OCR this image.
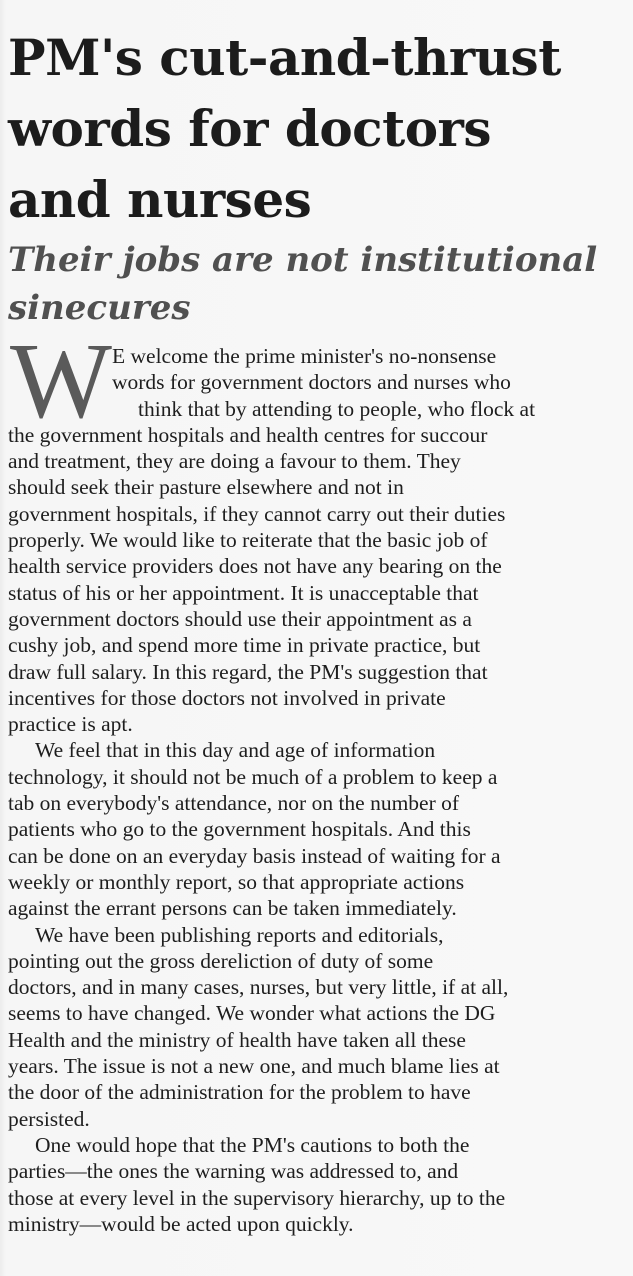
PM's cut-and-thrust
words for doctors
and nurses
Their jobs are not institutional
sinecures
W E welcome the prime minister's no-nonsense
words for government doctors and nurses who
think that by attending to people, who flock at
the government hospitals and health centres for succour
and treatment, they are doing a favour to them. They
should seek their pasture elsewhere and not in
government hospitals, if they cannot carry out their duties
properly. We would like to reiterate that the basic job of
health service providers does not have any bearing on the
status of his or her appointment. It is unacceptable that
government doctors should use their appointment as a
cushy job, and spend more time in private practice, but
draw full salary. In this regard, the PM's suggestion that
incentives for those doctors not involved in private
practice is apt.
We feel that in this day and age of information
technology, it should not be much of a problem to keep a
tab on everybody's attendance, nor on the number of
patients who go to the government hospitals. And this
can be done on an everyday basis instead of waiting for a
weekly or monthly report, so that appropriate actions
against the errant persons can be taken immediately.
We have been publishing reports and editorials,
pointing out the gross dereliction of duty of some
doctors, and in many cases, nurses, but very little, if at all,
seems to have changed. We wonder what actions the DG
Health and the ministry of health have taken all these
years. The issue is not a new one, and much blame lies at
the door of the administration for the problem to have
persisted.
One would hope that the PM's cautions to both the
parties—the ones the warning was addressed to, and
those at every level in the supervisory hierarchy, up to the
ministry—would be acted upon quickly.
